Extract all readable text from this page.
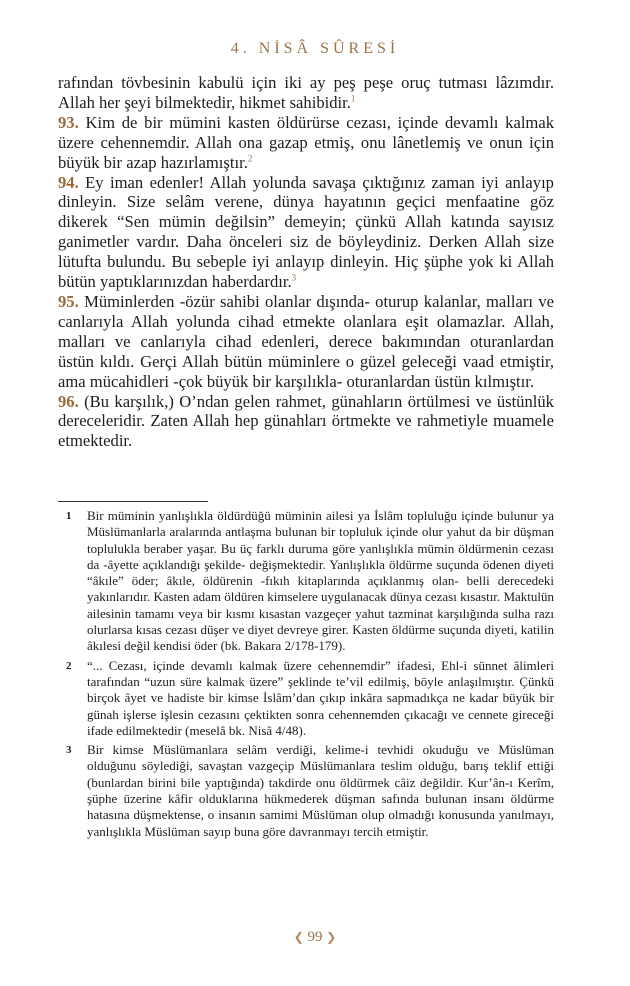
4. NİSÂ SÛRESİ

rafından tövbesinin kabulü için iki ay peş peşe oruç tutması lâzımdır. Allah her şeyi bilmektedir, hikmet sahibidir.$^1$

93. Kim de bir mümini kasten öldürürse cezası, içinde devamlı kalmak üzere cehennemdir. Allah ona gazap etmiş, onu lânetlemiş ve onun için büyük bir azap hazırlamıştır.$^2$

94. Ey iman edenler! Allah yolunda savaşa çıktığınız zaman iyi anlayıp dinleyin. Size selâm verene, dünya hayatının geçici menfaatine göz dikerek “Sen mümin değilsin” demeyin; çünkü Allah katında sayısız ganimetler vardır. Daha önceleri siz de böyleydiniz. Derken Allah size lütufta bulundu. Bu sebeple iyi anlayıp dinleyin. Hiç şüphe yok ki Allah bütün yaptıklarınızdan haberdardır.$^3$

95. Müminlerden -özür sahibi olanlar dışında- oturup kalanlar, malları ve canlarıyla Allah yolunda cihad etmekte olanlara eşit olamazlar. Allah, malları ve canlarıyla cihad edenleri, derece bakımından oturanlardan üstün kıldı. Gerçi Allah bütün müminlere o güzel geleceği vaad etmiştir, ama mücahidleri -çok büyük bir karşılıkla- oturanlardan üstün kılmıştır.

96. (Bu karşılık,) O’ndan gelen rahmet, günahların örtülmesi ve üstünlük dereceleridir. Zaten Allah hep günahları örtmekte ve rahmetiyle muamele etmektedir.

1 Bir müminin yanlışlıkla öldürdüğü müminin ailesi ya İslâm topluluğu içinde bulunur ya Müslümanlarla aralarında antlaşma bulunan bir topluluk içinde olur yahut da bir düşman toplulukla beraber yaşar. Bu üç farklı duruma göre yanlışlıkla mümin öldürmenin cezası da -âyette açıklandığı şekilde- değişmektedir. Yanlışlıkla öldürme suçunda ödenen diyeti “âkıle” öder; âkıle, öldürenin -fıkıh kitaplarında açıklanmış olan- belli derecedeki yakınlarıdır. Kasten adam öldüren kimselere uygulanacak dünya cezası kısastır. Maktulün ailesinin tamamı veya bir kısmı kısastan vazgeçer yahut tazminat karşılığında sulha razı olurlarsa kısas cezası düşer ve diyet devreye girer. Kasten öldürme suçunda diyeti, katilin âkılesi değil kendisi öder (bk. Bakara 2/178-179).
2 “... Cezası, içinde devamlı kalmak üzere cehennemdir” ifadesi, Ehl-i sünnet âlimleri tarafından “uzun süre kalmak üzere” şeklinde te’vil edilmiş, böyle anlaşılmıştır. Çünkü birçok âyet ve hadiste bir kimse İslâm’dan çıkıp inkâra sapmadıkça ne kadar büyük bir günah işlerse işlesin cezasını çektikten sonra cehennemden çıkacağı ve cennete gireceği ifade edilmektedir (meselâ bk. Nisâ 4/48).
3 Bir kimse Müslümanlara selâm verdiği, kelime-i tevhidi okuduğu ve Müslüman olduğunu söylediği, savaştan vazgeçip Müslümanlara teslim olduğu, barış teklif ettiği (bunlardan birini bile yaptığında) takdirde onu öldürmek câiz değildir. Kur’ân-ı Kerîm, şüphe üzerine kâfir olduklarına hükmederek düşman safında bulunan insanı öldürme hatasına düşmektense, o insanın samimi Müslüman olup olmadığı konusunda yanılmayı, yanlışlıkla Müslüman sayıp buna göre davranmayı tercih etmiştir.
❮ 99 ❯
